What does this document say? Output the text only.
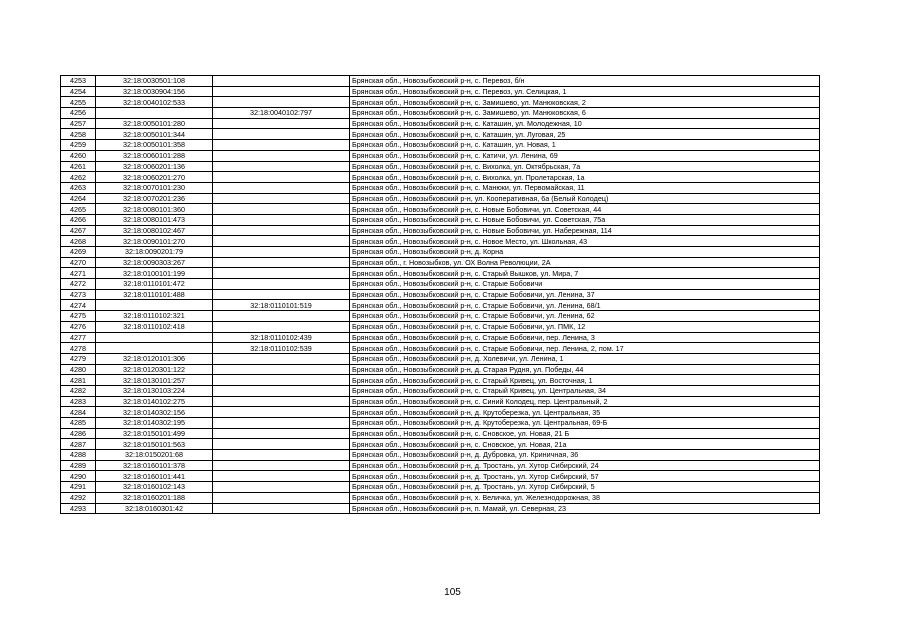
4253	32:18:0030501:108		Брянская обл., Новозыбковский р-н, с. Перевоз, б/н
4254	32:18:0030904:156		Брянская обл., Новозыбковский р-н, с. Перевоз, ул. Селицкая, 1
4255	32:18:0040102:533		Брянская обл., Новозыбковский р-н, с. Замишево, ул. Манюковская, 2
4256		32:18:0040102:797	Брянская обл., Новозыбковский р-н, с. Замишево, ул. Манюковская, 6
4257	32:18:0050101:280		Брянская обл., Новозыбковский р-н, с. Каташин, ул. Молодежная, 10
4258	32:18:0050101:344		Брянская обл., Новозыбковский р-н, с. Каташин, ул. Луговая, 25
4259	32:18:0050101:358		Брянская обл., Новозыбковский р-н, с. Каташин, ул. Новая, 1
4260	32:18:0060101:288		Брянская обл., Новозыбковский р-н, с. Катичи, ул. Ленина, 69
4261	32:18:0060201:136		Брянская обл., Новозыбковский р-н, с. Вихолка, ул. Октябрьская, 7а
4262	32:18:0060201:270		Брянская обл., Новозыбковский р-н, с. Вихолка, ул. Пролетарская, 1а
4263	32:18:0070101:230		Брянская обл., Новозыбковский р-н, с. Манюки, ул. Первомайская, 11
4264	32:18:0070201:236		Брянская обл., Новозыбковский р-н, ул. Кооперативная, 6а (Белый Колодец)
4265	32:18:0080101:360		Брянская обл., Новозыбковский р-н, с. Новые Бобовичи, ул. Советская, 44
4266	32:18:0080101:473		Брянская обл., Новозыбковский р-н, с. Новые Бобовичи, ул. Советская, 75а
4267	32:18:0080102:467		Брянская обл., Новозыбковский р-н, с. Новые Бобовичи, ул. Набережная, 114
4268	32:18:0090101:270		Брянская обл., Новозыбковский р-н, с. Новое Место, ул. Школьная, 43
4269	32:18:0090201:79		Брянская обл., Новозыбковский р-н, д. Корна
4270	32:18:0090303:267		Брянская обл., г. Новозыбков, ул. ОХ Волна Революции, 2А
4271	32:18:0100101:199		Брянская обл., Новозыбковский р-н, с. Старый Вышков, ул. Мира, 7
4272	32:18:0110101:472		Брянская обл., Новозыбковский р-н, с. Старые Бобовичи
4273	32:18:0110101:488		Брянская обл., Новозыбковский р-н, с. Старые Бобовичи, ул. Ленина, 37
4274		32:18:0110101:519	Брянская обл., Новозыбковский р-н, с. Старые Бобовичи, ул. Ленина, 68/1
4275	32:18:0110102:321		Брянская обл., Новозыбковский р-н, с. Старые Бобовичи, ул. Ленина, 62
4276	32:18:0110102:418		Брянская обл., Новозыбковский р-н, с. Старые Бобовичи, ул. ПМК, 12
4277		32:18:0110102:439	Брянская обл., Новозыбковский р-н, с. Старые Бобовичи, пер. Ленина, 3
4278		32:18:0110102:539	Брянская обл., Новозыбковский р-н, с. Старые Бобовичи, пер. Ленина, 2, пом. 17
4279	32:18:0120101:306		Брянская обл., Новозыбковский р-н, д. Холевичи, ул. Ленина, 1
4280	32:18:0120301:122		Брянская обл., Новозыбковский р-н, д. Старая Рудня, ул. Победы, 44
4281	32:18:0130101:257		Брянская обл., Новозыбковский р-н, с. Старый Кривец, ул. Восточная, 1
4282	32:18:0130103:224		Брянская обл., Новозыбковский р-н, с. Старый Кривец, ул. Центральная, 34
4283	32:18:0140102:275		Брянская обл., Новозыбковский р-н, с. Синий Колодец, пер. Центральный, 2
4284	32:18:0140302:156		Брянская обл., Новозыбковский р-н, д. Крутоберезка, ул. Центральная, 35
4285	32:18:0140302:195		Брянская обл., Новозыбковский р-н, д. Крутоберезка, ул. Центральная, 69-Б
4286	32:18:0150101:499		Брянская обл., Новозыбковский р-н, с. Сновское, ул. Новая, 21 Б
4287	32:18:0150101:563		Брянская обл., Новозыбковский р-н, с. Сновское, ул. Новая, 21а
4288	32:18:0150201:68		Брянская обл., Новозыбковский р-н, д. Дубровка, ул. Криничная, 36
4289	32:18:0160101:378		Брянская обл., Новозыбковский р-н, д. Тростань, ул. Хутор Сибирский, 24
4290	32:18:0160101:441		Брянская обл., Новозыбковский р-н, д. Тростань, ул. Хутор Сибирский, 57
4291	32:18:0160102:143		Брянская обл., Новозыбковский р-н, д. Тростань, ул. Хутор Сибирский, 5
4292	32:18:0160201:188		Брянская обл., Новозыбковский р-н, х. Величка, ул. Железнодорожная, 38
4293	32:18:0160301:42		Брянская обл., Новозыбковский р-н, п. Мамай, ул. Северная, 23
105
